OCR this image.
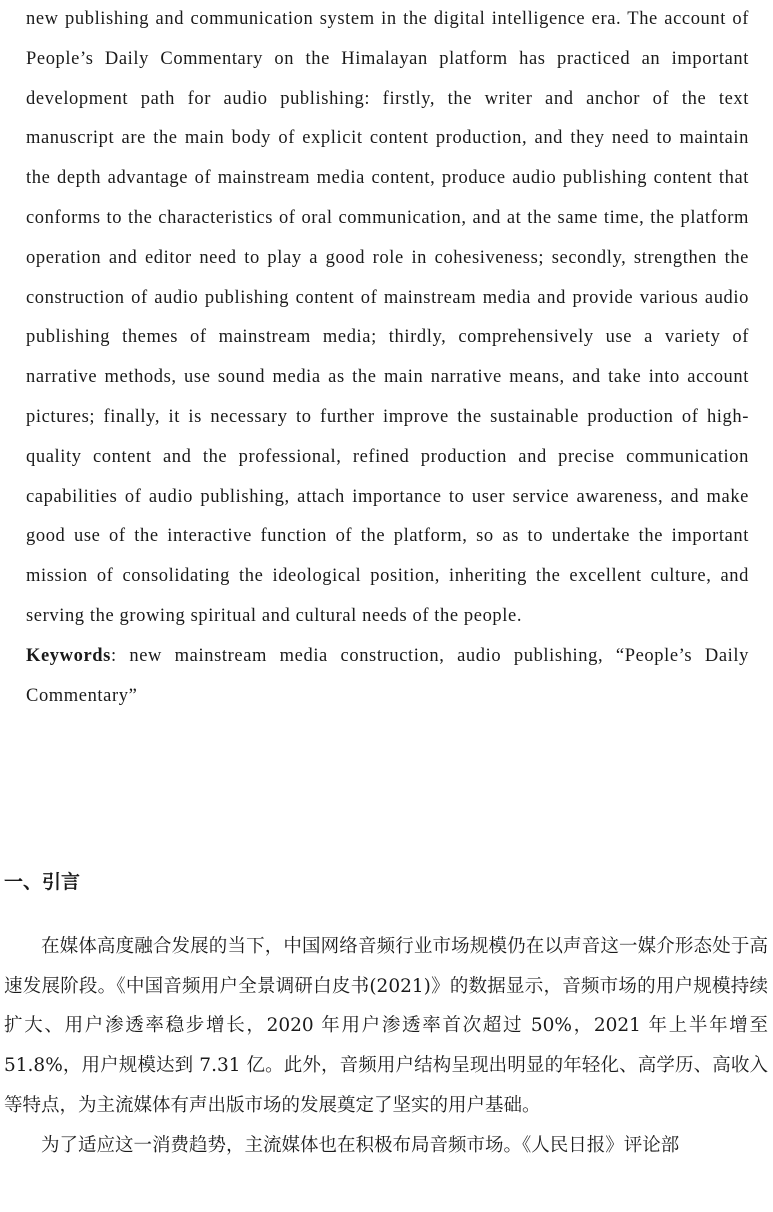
new publishing and communication system in the digital intelligence era. The account of People’s Daily Commentary on the Himalayan platform has practiced an important development path for audio publishing: firstly, the writer and anchor of the text manuscript are the main body of explicit content production, and they need to maintain the depth advantage of mainstream media content, produce audio publishing content that conforms to the characteristics of oral communication, and at the same time, the platform operation and editor need to play a good role in cohesiveness; secondly, strengthen the construction of audio publishing content of mainstream media and provide various audio publishing themes of mainstream media; thirdly, comprehensively use a variety of narrative methods, use sound media as the main narrative means, and take into account pictures; finally, it is necessary to further improve the sustainable production of high-quality content and the professional, refined production and precise communication capabilities of audio publishing, attach importance to user service awareness, and make good use of the interactive function of the platform, so as to undertake the important mission of consolidating the ideological position, inheriting the excellent culture, and serving the growing spiritual and cultural needs of the people.

Keywords: new mainstream media construction, audio publishing, “People’s Daily Commentary”

一、引言

在媒体高度融合发展的当下，中国网络音频行业市场规模仍在以声音这一媒介形态处于高速发展阶段。《中国音频用户全景调研白皮书(2021)》的数据显示，音频市场的用户规模持续扩大、用户渗透率稳步增长，2020 年用户渗透率首次超过 50%，2021 年上半年增至 51.8%，用户规模达到 7.31 亿。此外，音频用户结构呈现出明显的年轻化、高学历、高收入等特点，为主流媒体有声出版市场的发展奠定了坚实的用户基础。

为了适应这一消费趋势，主流媒体也在积极布局音频市场。《人民日报》评论部
